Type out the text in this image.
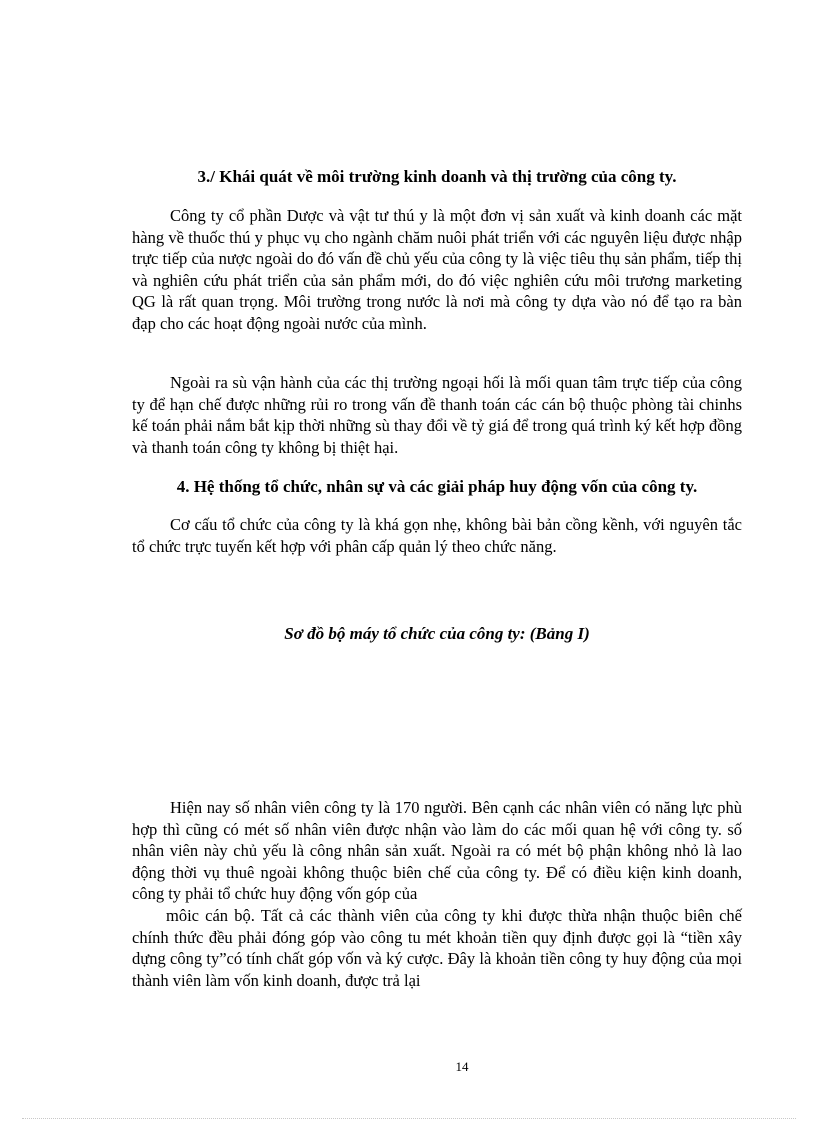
3./ Khái quát về môi trường kinh doanh và thị trường của công ty.
Công ty cổ phần Dược và vật tư thú y là một đơn vị sản xuất và kinh doanh các mặt hàng về thuốc thú y phục vụ cho ngành chăm nuôi phát triển với các nguyên liệu được nhập trực tiếp của nược ngoài do đó vấn đề chủ yếu của công ty là việc tiêu thụ sản phẩm, tiếp thị và nghiên cứu phát triển của sản phẩm mới, do đó việc nghiên cứu môi trương marketing QG là rất quan trọng. Môi trường trong nước là nơi mà công ty dựa vào nó để tạo ra bàn đạp cho các hoạt động ngoài nước của mình.
Ngoài ra sù vận hành của các thị trường ngoại hối là mối quan tâm trực tiếp của công ty để hạn chế được những rủi ro trong vấn đề thanh toán các cán bộ thuộc phòng tài chinhs kế toán phải nắm bắt kịp thời những sù thay đổi về tỷ giá để trong quá trình ký kết hợp đồng và thanh toán công ty không bị thiệt hại.
4. Hệ thống tổ chức, nhân sự và các giải pháp huy động vốn của công ty.
Cơ cấu tổ chức của công ty là khá gọn nhẹ, không bài bản cồng kềnh, với nguyên tắc tổ chức trực tuyến kết hợp với phân cấp quản lý theo chức năng.
Sơ đồ bộ máy tổ chức của công ty: (Bảng I)
Hiện nay số nhân viên công ty là 170 người. Bên cạnh các nhân viên có năng lực phù hợp thì cũng có mét số nhân viên được nhận vào làm do các mối quan hệ với công ty. số nhân viên này chủ yếu là công nhân sản xuất. Ngoài ra có mét bộ phận không nhỏ là lao động thời vụ thuê ngoài không thuộc biên chế của công ty. Để có điều kiện kinh doanh, công ty phải tổ chức huy động vốn góp của
môic cán bộ. Tất cả các thành viên của công ty khi được thừa nhận thuộc biên chế chính thức đều phải đóng góp vào công tu mét khoản tiền quy định được gọi là “tiền xây dựng công ty”có tính chất góp vốn và ký cược. Đây là khoản tiền công ty huy động của mọi thành viên làm vốn kinh doanh, được trả lại
14
